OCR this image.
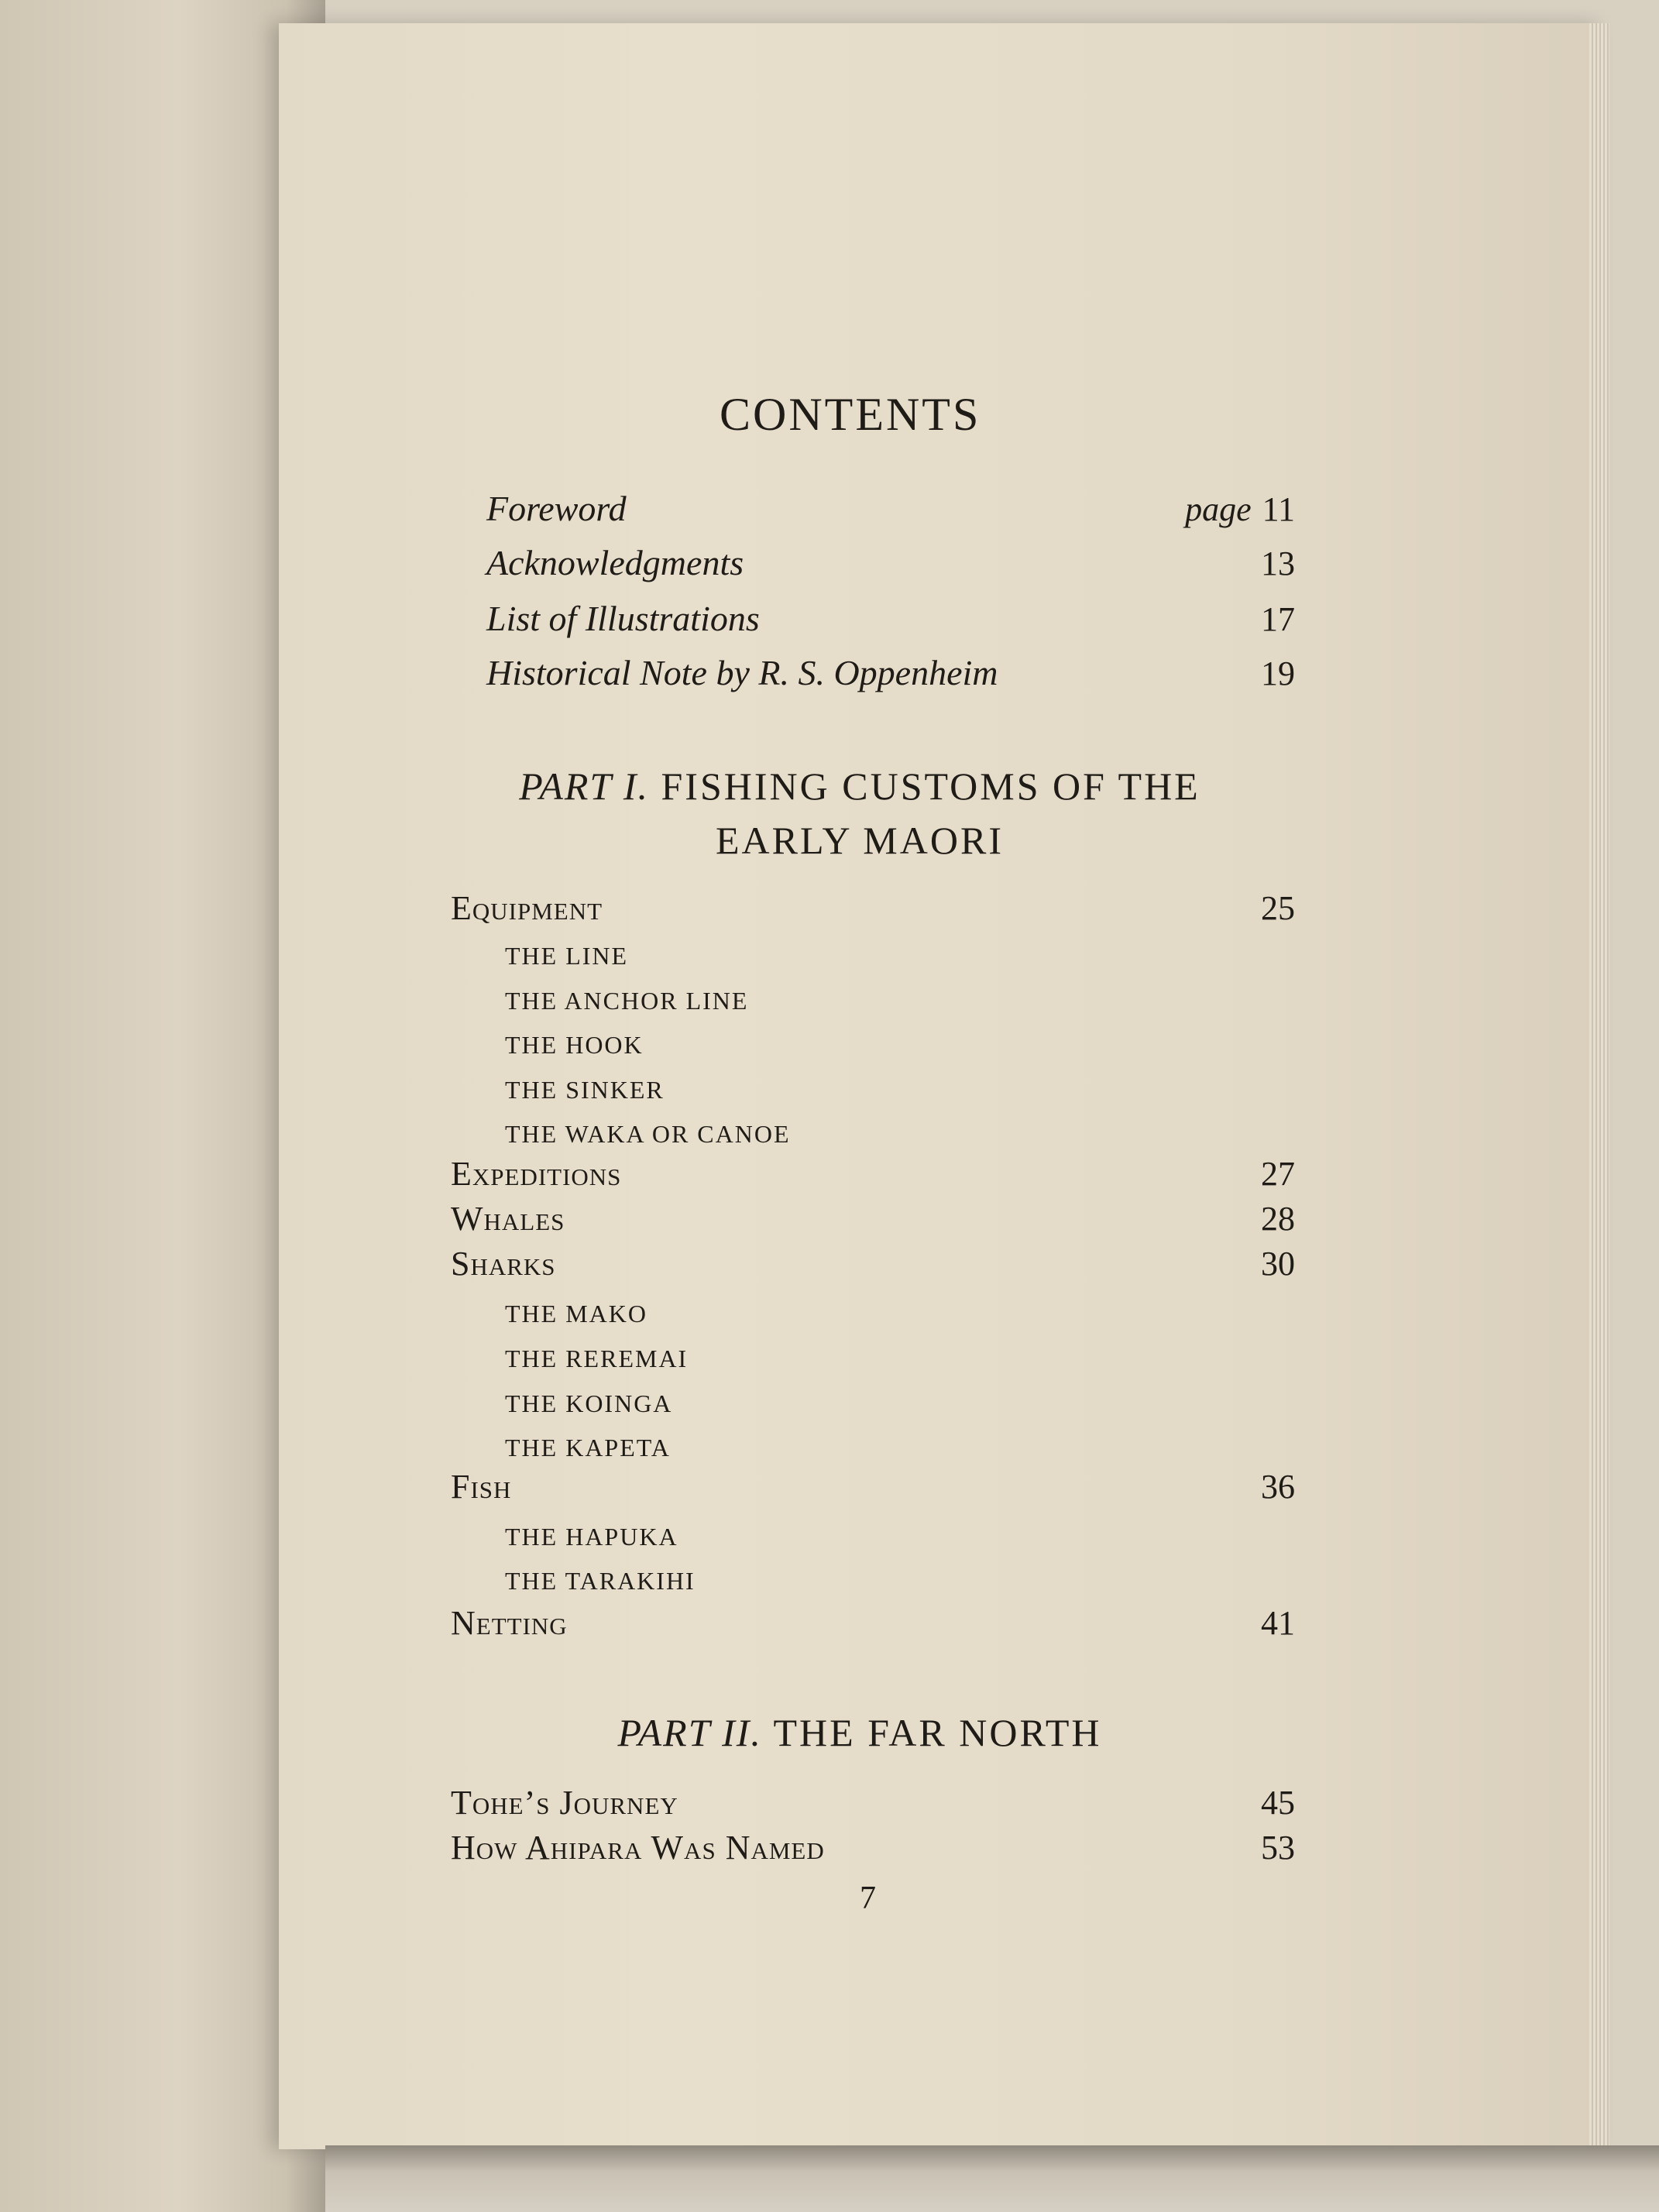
CONTENTS
Foreword	page 11
Acknowledgments	13
List of Illustrations	17
Historical Note by R. S. Oppenheim	19
PART I. FISHING CUSTOMS OF THE
EARLY MAORI
Equipment	25
THE LINE
THE ANCHOR LINE
THE HOOK
THE SINKER
THE WAKA OR CANOE
Expeditions	27
Whales	28
Sharks	30
THE MAKO
THE REREMAI
THE KOINGA
THE KAPETA
Fish	36
THE HAPUKA
THE TARAKIHI
Netting	41
PART II. THE FAR NORTH
Tohe’s Journey	45
How Ahipara Was Named	53
7
